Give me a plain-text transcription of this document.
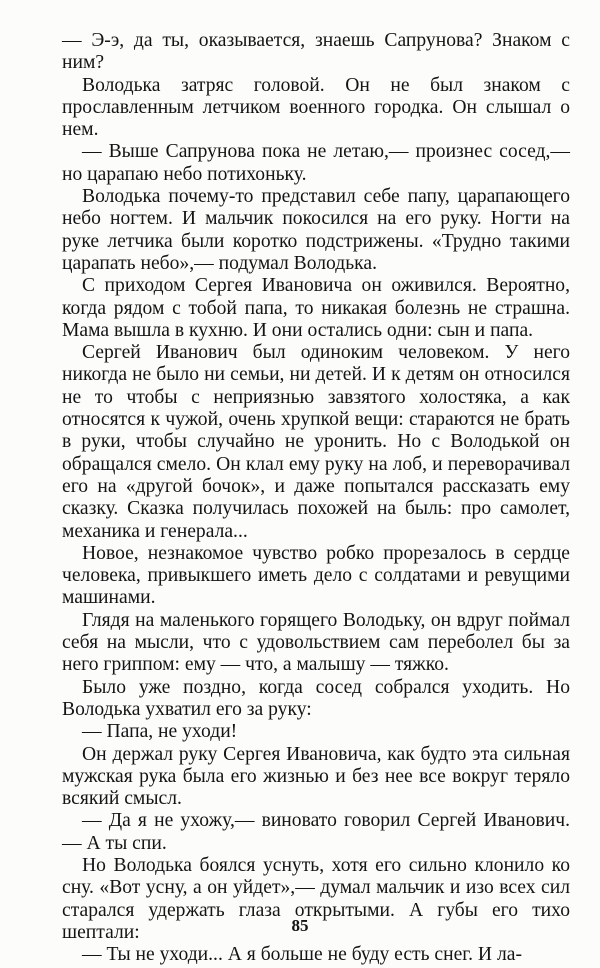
— Э-э, да ты, оказывается, знаешь Сапрунова? Знаком с ним?

Володька затряс головой. Он не был знаком с прославленным летчиком военного городка. Он слышал о нем.

— Выше Сапрунова пока не летаю,— произнес сосед,— но царапаю небо потихоньку.

Володька почему-то представил себе папу, царапающего небо ногтем. И мальчик покосился на его руку. Ногти на руке летчика были коротко подстрижены. «Трудно такими царапать небо»,— подумал Володька.

С приходом Сергея Ивановича он оживился. Вероятно, когда рядом с тобой папа, то никакая болезнь не страшна. Мама вышла в кухню. И они остались одни: сын и папа.

Сергей Иванович был одиноким человеком. У него никогда не было ни семьи, ни детей. И к детям он относился не то чтобы с неприязнью завзятого холостяка, а как относятся к чужой, очень хрупкой вещи: стараются не брать в руки, чтобы случайно не уронить. Но с Володькой он обращался смело. Он клал ему руку на лоб, и переворачивал его на «другой бочок», и даже попытался рассказать ему сказку. Сказка получилась похожей на быль: про самолет, механика и генерала...

Новое, незнакомое чувство робко прорезалось в сердце человека, привыкшего иметь дело с солдатами и ревущими машинами.

Глядя на маленького горящего Володьку, он вдруг поймал себя на мысли, что с удовольствием сам переболел бы за него гриппом: ему — что, а малышу — тяжко.

Было уже поздно, когда сосед собрался уходить. Но Володька ухватил его за руку:

— Папа, не уходи!

Он держал руку Сергея Ивановича, как будто эта сильная мужская рука была его жизнью и без нее все вокруг теряло всякий смысл.

— Да я не ухожу,— виновато говорил Сергей Иванович.— А ты спи.

Но Володька боялся уснуть, хотя его сильно клонило ко сну. «Вот усну, а он уйдет»,— думал мальчик и изо всех сил старался удержать глаза открытыми. А губы его тихо шептали:

— Ты не уходи... А я больше не буду есть снег. И ла-

85
